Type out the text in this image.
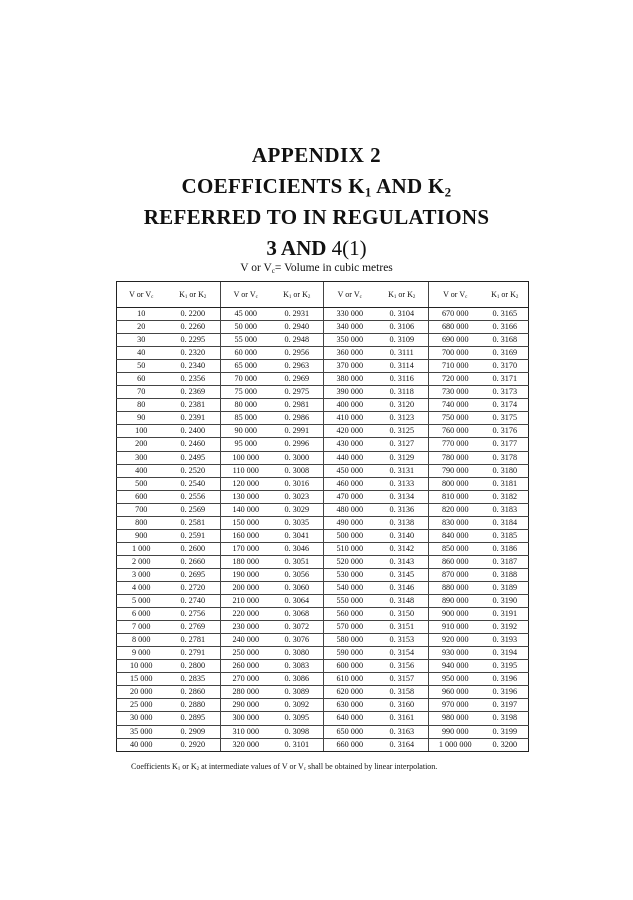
APPENDIX 2
COEFFICIENTS $K_1$ AND $K_2$
REFERRED TO IN REGULATIONS
3 AND 4(1)
V or $V_c=$ Volume in cubic metres
V or $V_c$	$K_1$ or $K_2$	V or $V_c$	$K_1$ or $K_2$	V or $V_c$	$K_1$ or $K_2$	V or $V_c$	$K_1$ or $K_2$
10	0. 2200	45 000	0. 2931	330 000	0. 3104	670 000	0. 3165
20	0. 2260	50 000	0. 2940	340 000	0. 3106	680 000	0. 3166
30	0. 2295	55 000	0. 2948	350 000	0. 3109	690 000	0. 3168
40	0. 2320	60 000	0. 2956	360 000	0. 3111	700 000	0. 3169
50	0. 2340	65 000	0. 2963	370 000	0. 3114	710 000	0. 3170
60	0. 2356	70 000	0. 2969	380 000	0. 3116	720 000	0. 3171
70	0. 2369	75 000	0. 2975	390 000	0. 3118	730 000	0. 3173
80	0. 2381	80 000	0. 2981	400 000	0. 3120	740 000	0. 3174
90	0. 2391	85 000	0. 2986	410 000	0. 3123	750 000	0. 3175
100	0. 2400	90 000	0. 2991	420 000	0. 3125	760 000	0. 3176
200	0. 2460	95 000	0. 2996	430 000	0. 3127	770 000	0. 3177
300	0. 2495	100 000	0. 3000	440 000	0. 3129	780 000	0. 3178
400	0. 2520	110 000	0. 3008	450 000	0. 3131	790 000	0. 3180
500	0. 2540	120 000	0. 3016	460 000	0. 3133	800 000	0. 3181
600	0. 2556	130 000	0. 3023	470 000	0. 3134	810 000	0. 3182
700	0. 2569	140 000	0. 3029	480 000	0. 3136	820 000	0. 3183
800	0. 2581	150 000	0. 3035	490 000	0. 3138	830 000	0. 3184
900	0. 2591	160 000	0. 3041	500 000	0. 3140	840 000	0. 3185
1 000	0. 2600	170 000	0. 3046	510 000	0. 3142	850 000	0. 3186
2 000	0. 2660	180 000	0. 3051	520 000	0. 3143	860 000	0. 3187
3 000	0. 2695	190 000	0. 3056	530 000	0. 3145	870 000	0. 3188
4 000	0. 2720	200 000	0. 3060	540 000	0. 3146	880 000	0. 3189
5 000	0. 2740	210 000	0. 3064	550 000	0. 3148	890 000	0. 3190
6 000	0. 2756	220 000	0. 3068	560 000	0. 3150	900 000	0. 3191
7 000	0. 2769	230 000	0. 3072	570 000	0. 3151	910 000	0. 3192
8 000	0. 2781	240 000	0. 3076	580 000	0. 3153	920 000	0. 3193
9 000	0. 2791	250 000	0. 3080	590 000	0. 3154	930 000	0. 3194
10 000	0. 2800	260 000	0. 3083	600 000	0. 3156	940 000	0. 3195
15 000	0. 2835	270 000	0. 3086	610 000	0. 3157	950 000	0. 3196
20 000	0. 2860	280 000	0. 3089	620 000	0. 3158	960 000	0. 3196
25 000	0. 2880	290 000	0. 3092	630 000	0. 3160	970 000	0. 3197
30 000	0. 2895	300 000	0. 3095	640 000	0. 3161	980 000	0. 3198
35 000	0. 2909	310 000	0. 3098	650 000	0. 3163	990 000	0. 3199
40 000	0. 2920	320 000	0. 3101	660 000	0. 3164	1 000 000	0. 3200
Coefficients $K_1$ or $K_2$ at intermediate values of V or $V_c$ shall be obtained by linear interpolation.
